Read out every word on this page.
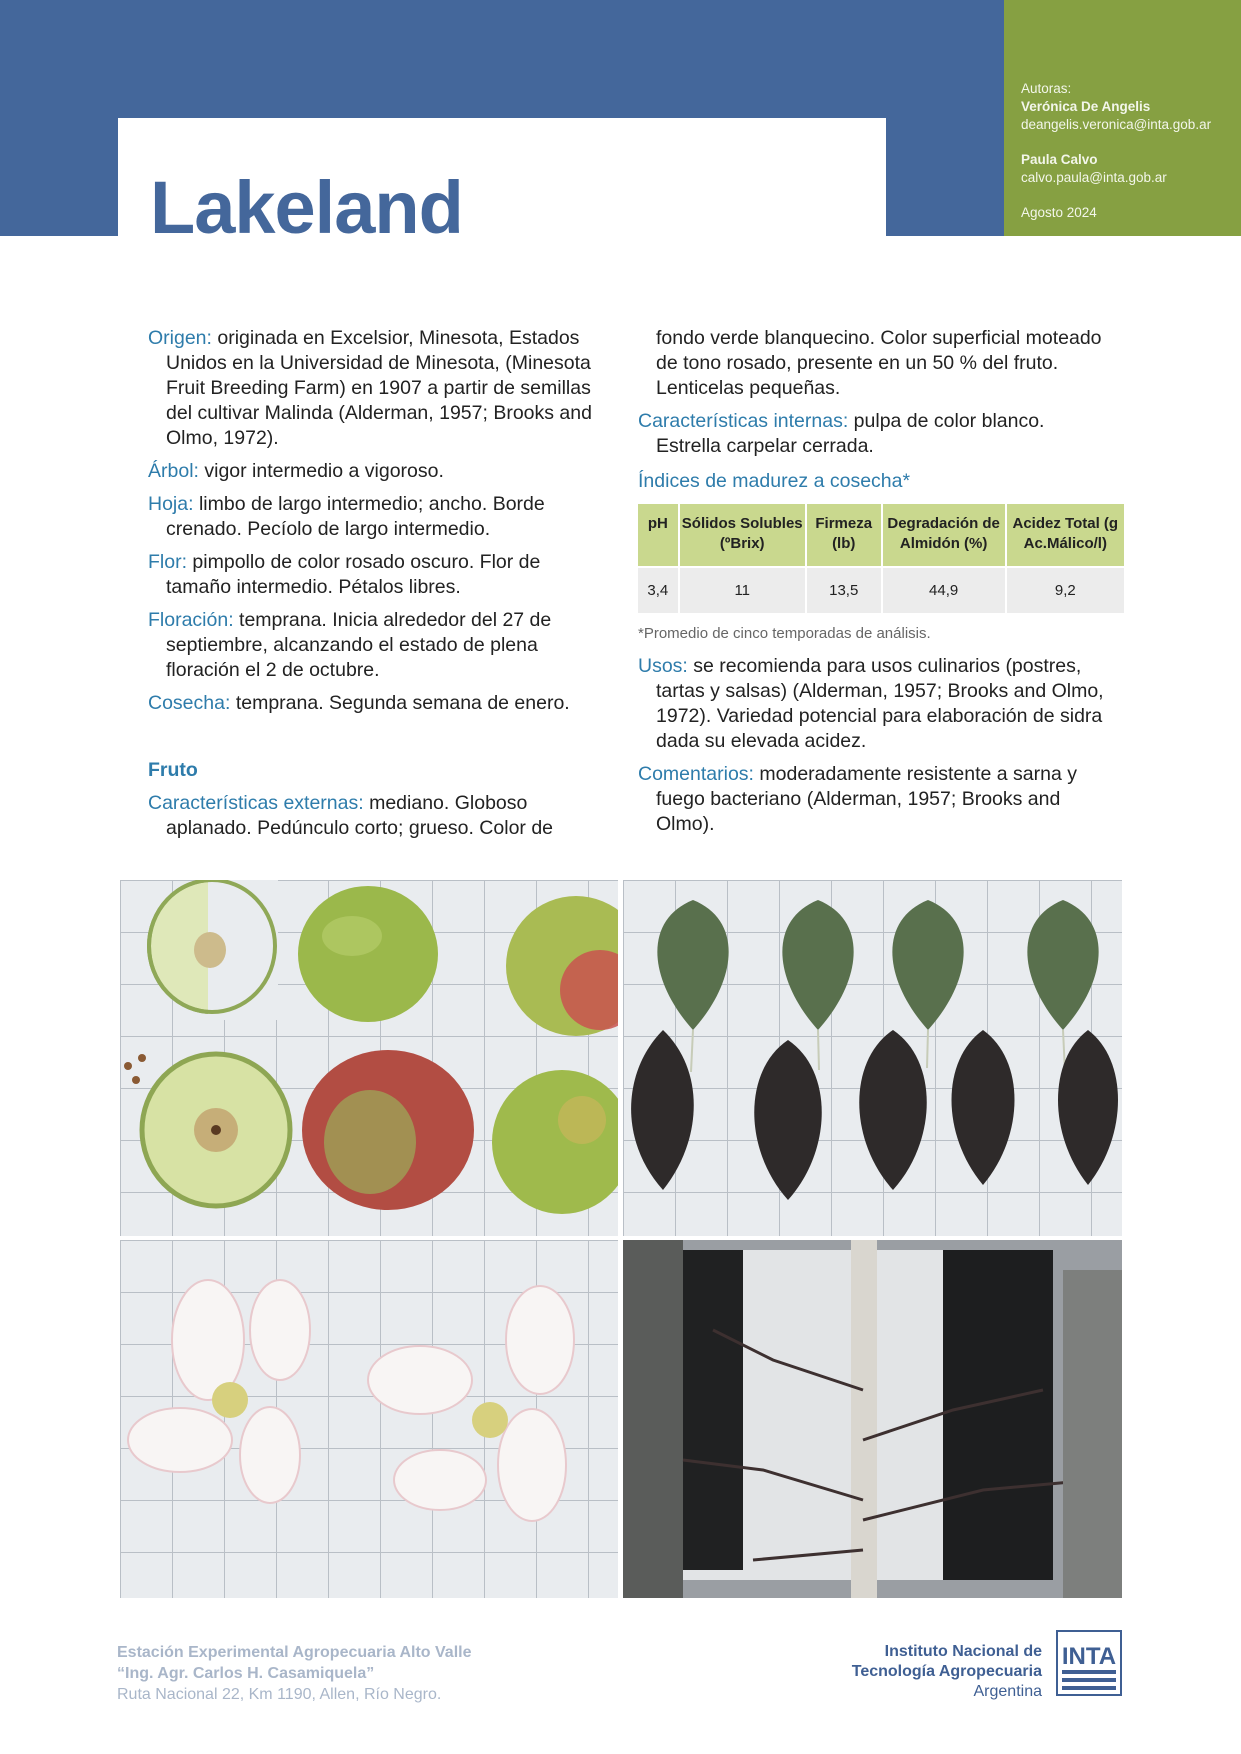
Autoras:
Verónica De Angelis
deangelis.veronica@inta.gob.ar
Paula Calvo
calvo.paula@inta.gob.ar
Agosto 2024
Lakeland

Origen: originada en Excelsior, Minesota, Estados Unidos en la Universidad de Minesota, (Minesota Fruit Breeding Farm) en 1907 a partir de semillas del cultivar Malinda (Alderman, 1957; Brooks and Olmo, 1972).

Árbol: vigor intermedio a vigoroso.

Hoja: limbo de largo intermedio; ancho. Borde crenado. Pecíolo de largo intermedio.

Flor: pimpollo de color rosado oscuro. Flor de tamaño intermedio. Pétalos libres.

Floración: temprana. Inicia alrededor del 27 de septiembre, alcanzando el estado de plena floración el 2 de octubre.

Cosecha: temprana. Segunda semana de enero.

Fruto

Características externas: mediano. Globoso aplanado. Pedúnculo corto; grueso. Color de

fondo verde blanquecino. Color superficial moteado de tono rosado, presente en un 50 % del fruto. Lenticelas pequeñas.

Características internas: pulpa de color blanco. Estrella carpelar cerrada.

Índices de madurez a cosecha*
pH	Sólidos Solubles (ºBrix)	Firmeza (lb)	Degradación de Almidón (%)	Acidez Total (g Ac.Málico/l)
3,4	11	13,5	44,9	9,2

*Promedio de cinco temporadas de análisis.

Usos: se recomienda para usos culinarios (postres, tartas y salsas) (Alderman, 1957; Brooks and Olmo, 1972). Variedad potencial para elaboración de sidra dada su elevada acidez.

Comentarios: moderadamente resistente a sarna y fuego bacteriano (Alderman, 1957; Brooks and Olmo).

Estación Experimental Agropecuaria Alto Valle
“Ing. Agr. Carlos H. Casamiquela”
Ruta Nacional 22, Km 1190, Allen, Río Negro.
Instituto Nacional de
Tecnología Agropecuaria
Argentina
INTA
